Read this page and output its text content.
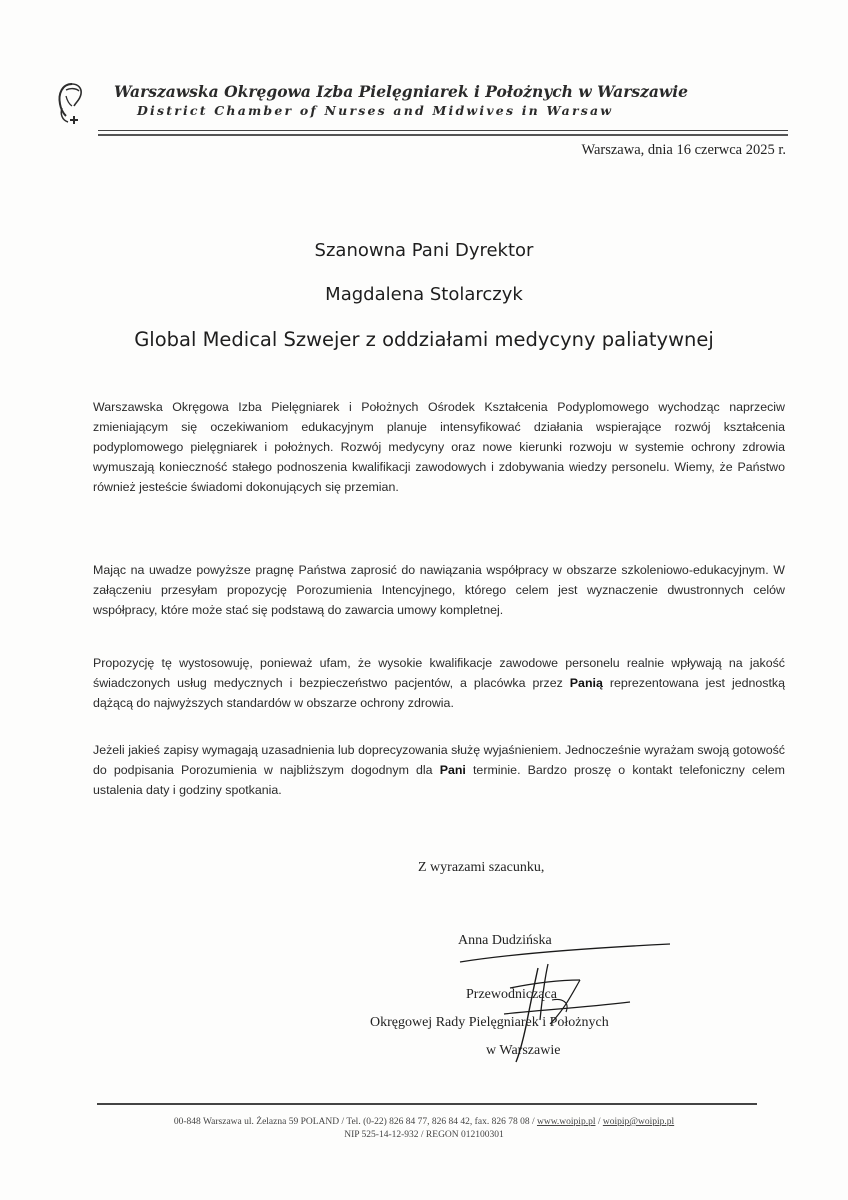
Warszawska Okręgowa Izba Pielęgniarek i Położnych w Warszawie
District Chamber of Nurses and Midwives in Warsaw
Warszawa, dnia 16 czerwca 2025 r.
Szanowna Pani Dyrektor
Magdalena Stolarczyk
Global Medical Szwejer z oddziałami medycyny paliatywnej

Warszawska Okręgowa Izba Pielęgniarek i Położnych Ośrodek Kształcenia Podyplomowego wychodząc naprzeciw zmieniającym się oczekiwaniom edukacyjnym planuje intensyfikować działania wspierające rozwój kształcenia podyplomowego pielęgniarek i położnych. Rozwój medycyny oraz nowe kierunki rozwoju w systemie ochrony zdrowia wymuszają konieczność stałego podnoszenia kwalifikacji zawodowych i zdobywania wiedzy personelu. Wiemy, że Państwo również jesteście świadomi dokonujących się przemian.

Mając na uwadze powyższe pragnę Państwa zaprosić do nawiązania współpracy w obszarze szkoleniowo-edukacyjnym. W załączeniu przesyłam propozycję Porozumienia Intencyjnego, którego celem jest wyznaczenie dwustronnych celów współpracy, które może stać się podstawą do zawarcia umowy kompletnej.

Propozycję tę wystosowuję, ponieważ ufam, że wysokie kwalifikacje zawodowe personelu realnie wpływają na jakość świadczonych usług medycznych i bezpieczeństwo pacjentów, a placówka przez Panią reprezentowana jest jednostką dążącą do najwyższych standardów w obszarze ochrony zdrowia.

Jeżeli jakieś zapisy wymagają uzasadnienia lub doprecyzowania służę wyjaśnieniem. Jednocześnie wyrażam swoją gotowość do podpisania Porozumienia w najbliższym dogodnym dla Pani terminie. Bardzo proszę o kontakt telefoniczny celem ustalenia daty i godziny spotkania.

Z wyrazami szacunku,
Anna Dudzińska
Przewodnicząca
Okręgowej Rady Pielęgniarek i Położnych
w Warszawie
00-848 Warszawa ul. Żelazna 59 POLAND / Tel. (0-22) 826 84 77, 826 84 42, fax. 826 78 08 / www.woipip.pl / woipip@woipip.pl
NIP 525-14-12-932 / REGON 012100301
